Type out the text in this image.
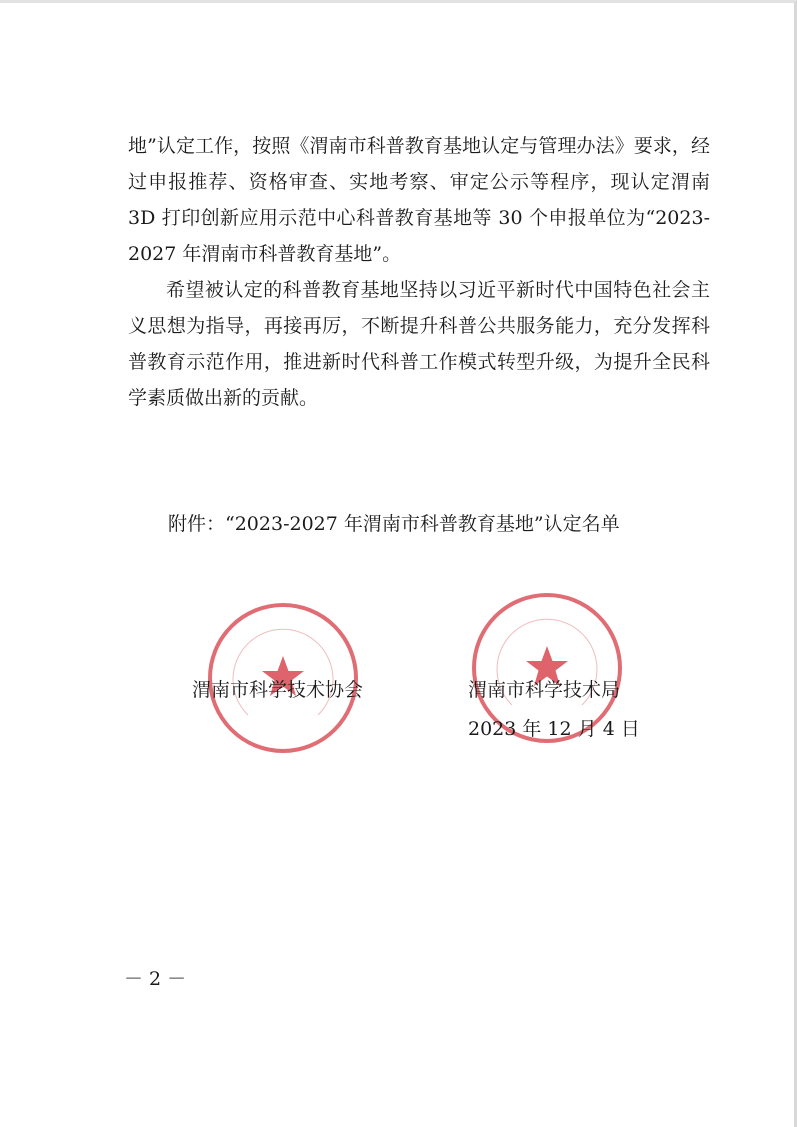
地”认定工作，按照《渭南市科普教育基地认定与管理办法》要求，经过申报推荐、资格审查、实地考察、审定公示等程序，现认定渭南 3D 打印创新应用示范中心科普教育基地等 30 个申报单位为“2023-2027 年渭南市科普教育基地”。

希望被认定的科普教育基地坚持以习近平新时代中国特色社会主义思想为指导，再接再厉，不断提升科普公共服务能力，充分发挥科普教育示范作用，推进新时代科普工作模式转型升级，为提升全民科学素质做出新的贡献。

附件：“2023-2027 年渭南市科普教育基地”认定名单
渭南市科学技术协会	渭南市科学技术局
2023 年 12 月 4 日
－ 2 －
